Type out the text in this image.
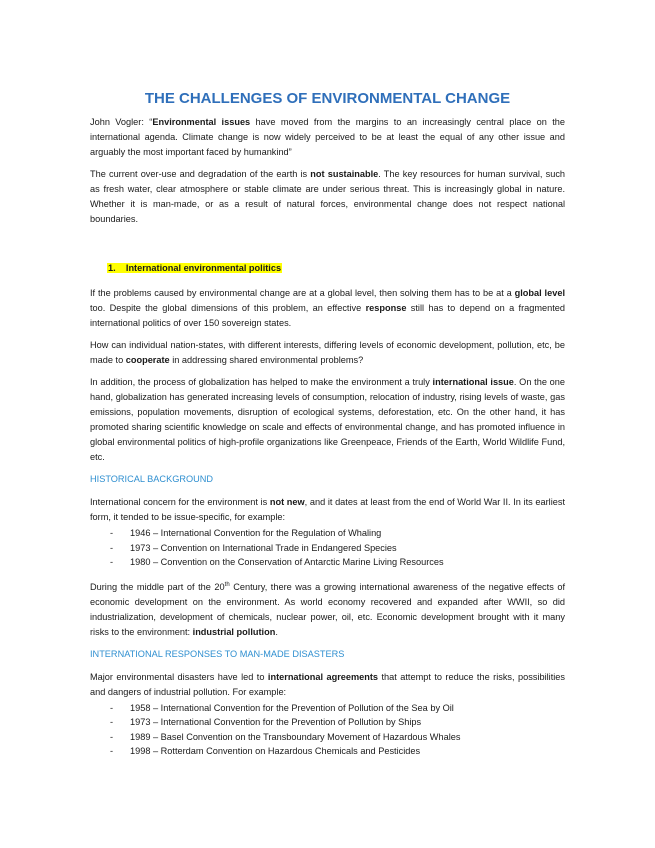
THE CHALLENGES OF ENVIRONMENTAL CHANGE

John Vogler: “Environmental issues have moved from the margins to an increasingly central place on the international agenda. Climate change is now widely perceived to be at least the equal of any other issue and arguably the most important faced by humankind”

The current over-use and degradation of the earth is not sustainable. The key resources for human survival, such as fresh water, clear atmosphere or stable climate are under serious threat. This is increasingly global in nature. Whether it is man-made, or as a result of natural forces, environmental change does not respect national boundaries.

1. International environmental politics

If the problems caused by environmental change are at a global level, then solving them has to be at a global level too. Despite the global dimensions of this problem, an effective response still has to depend on a fragmented international politics of over 150 sovereign states.

How can individual nation-states, with different interests, differing levels of economic development, pollution, etc, be made to cooperate in addressing shared environmental problems?

In addition, the process of globalization has helped to make the environment a truly international issue. On the one hand, globalization has generated increasing levels of consumption, relocation of industry, rising levels of waste, gas emissions, population movements, disruption of ecological systems, deforestation, etc. On the other hand, it has promoted sharing scientific knowledge on scale and effects of environmental change, and has promoted influence in global environmental politics of high-profile organizations like Greenpeace, Friends of the Earth, World Wildlife Fund, etc.

HISTORICAL BACKGROUND

International concern for the environment is not new, and it dates at least from the end of World War II. In its earliest form, it tended to be issue-specific, for example:

- 1946 – International Convention for the Regulation of Whaling
- 1973 – Convention on International Trade in Endangered Species
- 1980 – Convention on the Conservation of Antarctic Marine Living Resources

During the middle part of the 20th Century, there was a growing international awareness of the negative effects of economic development on the environment. As world economy recovered and expanded after WWII, so did industrialization, development of chemicals, nuclear power, oil, etc. Economic development brought with it many risks to the environment: industrial pollution.

INTERNATIONAL RESPONSES TO MAN-MADE DISASTERS

Major environmental disasters have led to international agreements that attempt to reduce the risks, possibilities and dangers of industrial pollution. For example:

- 1958 – International Convention for the Prevention of Pollution of the Sea by Oil
- 1973 – International Convention for the Prevention of Pollution by Ships
- 1989 – Basel Convention on the Transboundary Movement of Hazardous Whales
- 1998 – Rotterdam Convention on Hazardous Chemicals and Pesticides
